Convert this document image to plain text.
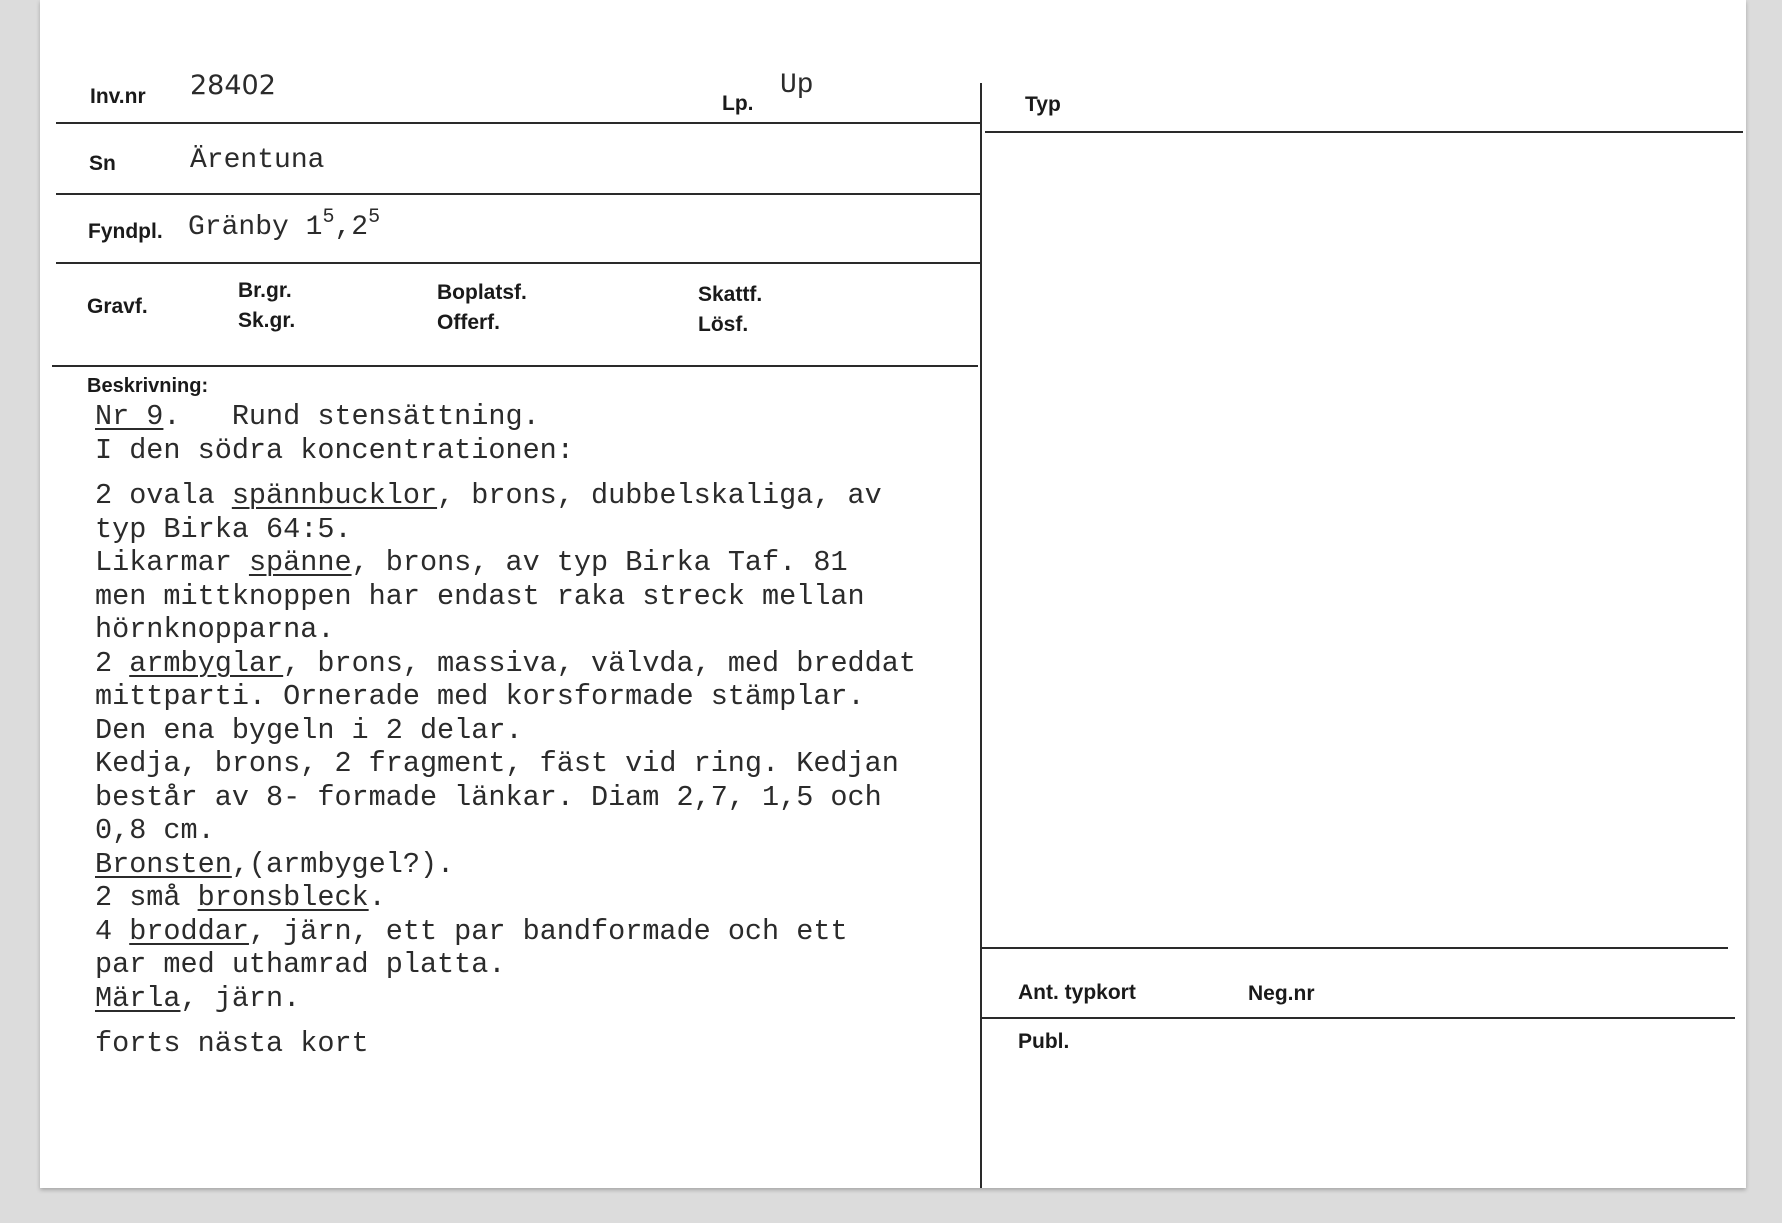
Inv.nr 28402
Lp.
Up
Typ
Sn	Ärentuna
Fyndpl. Gränby $1^5,2^5$
Gravf.
Br.gr.
Sk.gr.
Boplatsf.
Offerf.
Skattf.
Lösf.
Beskrivning:
Ant. typkort	Neg.nr
Publ.
Nr 9.   Rund stensättning.
I den södra koncentrationen:
2 ovala spännbucklor, brons, dubbelskaliga, av
typ Birka 64:5.
Likarmar spänne, brons, av typ Birka Taf. 81
men mittknoppen har endast raka streck mellan
hörnknopparna.
2 armbyglar, brons, massiva, välvda, med breddat
mittparti. Ornerade med korsformade stämplar.
Den ena bygeln i 2 delar.
Kedja, brons, 2 fragment, fäst vid ring. Kedjan
består av 8- formade länkar. Diam 2,7, 1,5 och
0,8 cm.
Bronsten,(armbygel?).
2 små bronsbleck.
4 broddar, järn, ett par bandformade och ett
par med uthamrad platta.
Märla, järn.
forts nästa kort
